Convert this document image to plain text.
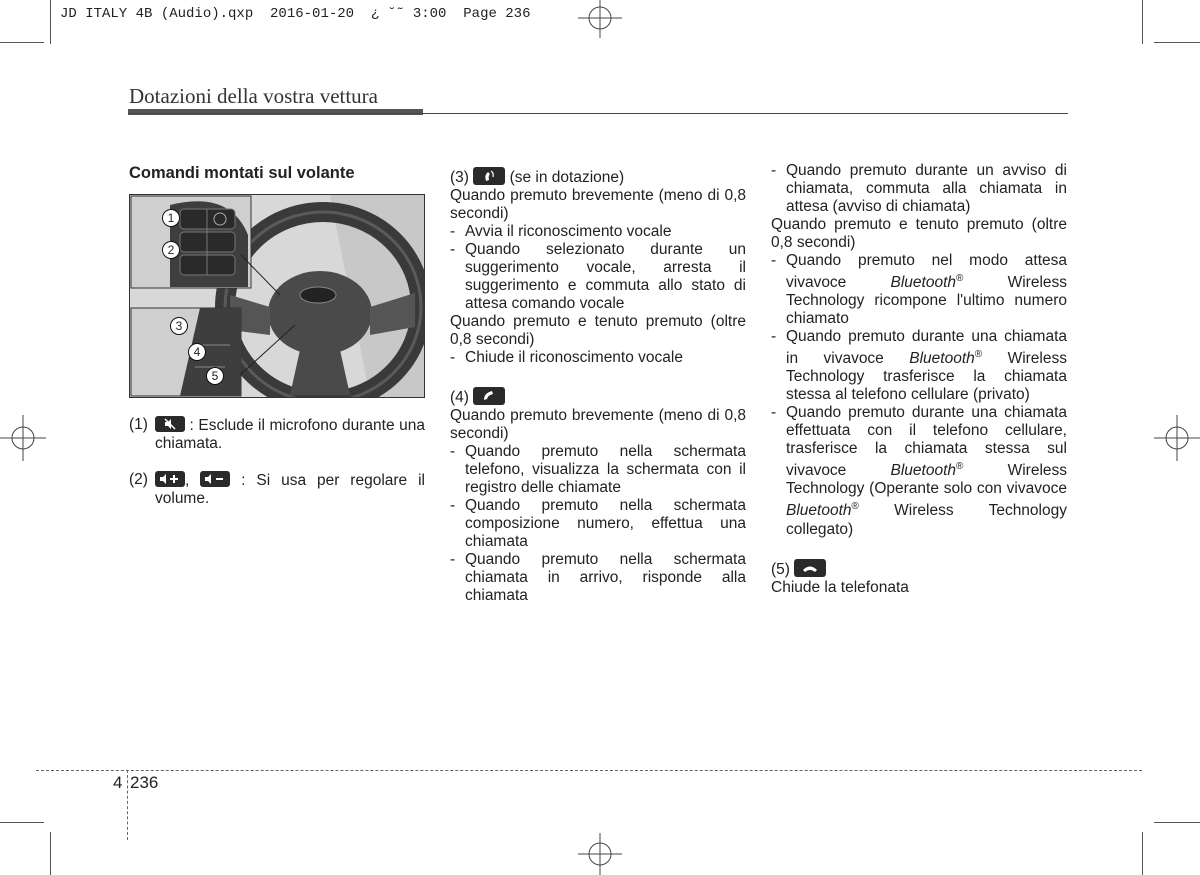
JD ITALY 4B (Audio).qxp  2016-01-20  ¿ ˘˜ 3:00  Page 236
Dotazioni della vostra vettura
Comandi montati sul volante
1
2
3
4
5
(1)	: Esclude il microfono durante una chiamata.

(2)	,	: Si usa per regolare il volume.

(3)	(se in dotazione)

Quando premuto brevemente (meno di 0,8 secondi)

- Avvia il riconoscimento vocale
- Quando selezionato durante un suggerimento vocale, arresta il suggerimento e commuta allo stato di attesa comando vocale

Quando premuto e tenuto premuto (oltre 0,8 secondi)

- Chiude il riconoscimento vocale

(4)

Quando premuto brevemente (meno di 0,8 secondi)

- Quando premuto nella schermata telefono, visualizza la schermata con il registro delle chiamate
- Quando premuto nella schermata composizione numero, effettua una chiamata
- Quando premuto nella schermata chiamata in arrivo, risponde alla chiamata
- Quando premuto durante un avviso di chiamata, commuta alla chiamata in attesa (avviso di chiamata)

Quando premuto e tenuto premuto (oltre 0,8 secondi)

- Quando premuto nel modo attesa vivavoce	Bluetooth®	Wireless Technology ricompone l'ultimo numero chiamato
- Quando premuto durante una chiamata in vivavoce Bluetooth® Wireless Technology trasferisce la chiamata stessa al telefono cellulare (privato)
- Quando premuto durante una chiamata effettuata con il telefono cellulare, trasferisce la chiamata stessa sul vivavoce	Bluetooth®	Wireless Technology (Operante solo con vivavoce Bluetooth® Wireless Technology collegato)

(5)

Chiude la telefonata

4 236
